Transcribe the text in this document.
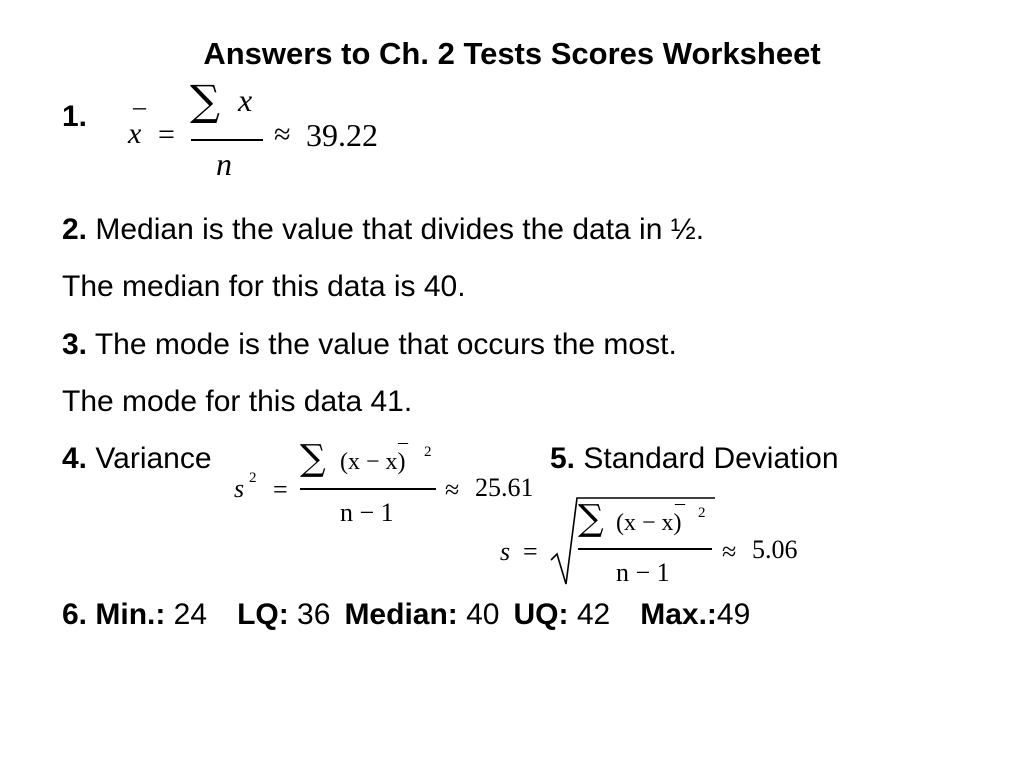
Answers to Ch. 2 Tests Scores Worksheet
1. –
x =
∑ x
n
≈ 39.22
2. Median is the value that divides the data in ½.
The median for this data is 40.
3. The mode is the value that occurs the most.
The mode for this data 41.
4. Variance
s 2 =
∑	–
(x − x) 2
n − 1
≈ 25.61
5. Standard Deviation
s =
∑	–
(x − x) 2
n − 1
≈ 5.06
6. Min.: 24 LQ: 36 Median: 40 UQ: 42 Max.:49
